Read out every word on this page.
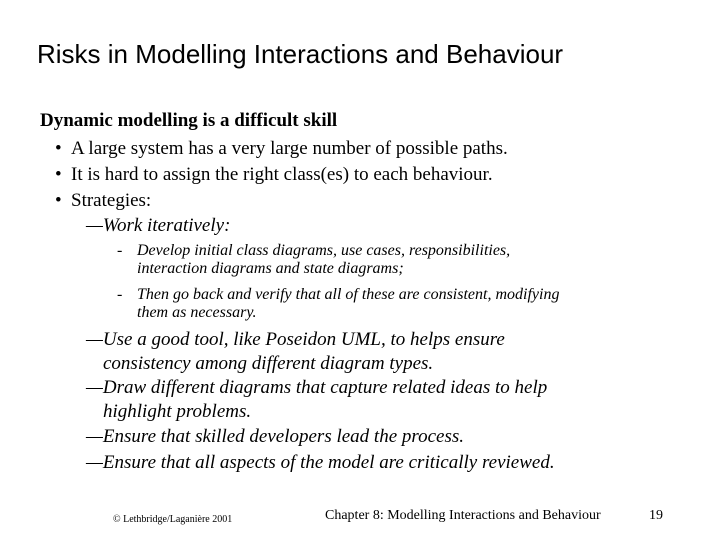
Risks in Modelling Interactions and Behaviour
Dynamic modelling is a difficult skill
• A large system has a very large number of possible paths.
• It is hard to assign the right class(es) to each behaviour.
• Strategies:
—Work iteratively:
- Develop initial class diagrams, use cases, responsibilities,
interaction diagrams and state diagrams;
- Then go back and verify that all of these are consistent, modifying
them as necessary.
—Use a good tool, like Poseidon UML, to helps ensure
consistency among different diagram types.
—Draw different diagrams that capture related ideas to help
highlight problems.
—Ensure that skilled developers lead the process.
—Ensure that all aspects of the model are critically reviewed.
© Lethbridge/Laganière 2001	Chapter 8: Modelling Interactions and Behaviour	19
